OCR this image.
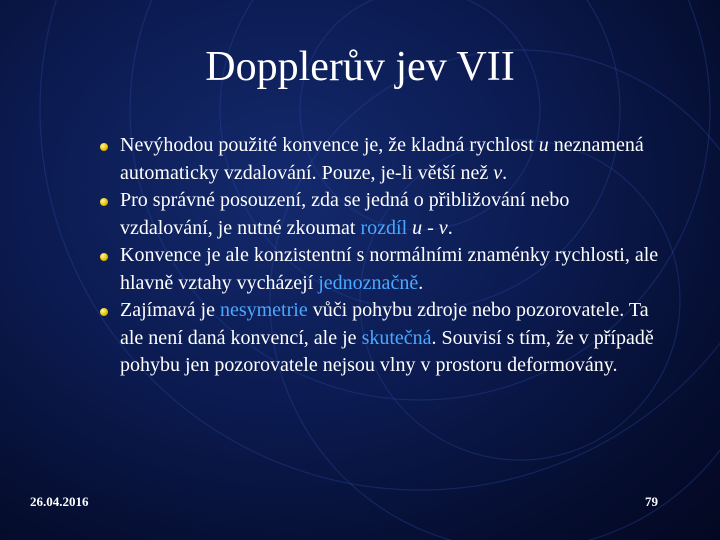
Dopplerův jev VII
Nevýhodou použité konvence je, že kladná rychlost u neznamená automaticky vzdalování. Pouze, je-li větší než v.
Pro správné posouzení, zda se jedná o přibližování nebo vzdalování, je nutné zkoumat rozdíl u - v.
Konvence je ale konzistentní s normálními znaménky rychlosti, ale hlavně vztahy vycházejí jednoznačně.
Zajímavá je nesymetrie vůči pohybu zdroje nebo pozorovatele. Ta ale není daná konvencí, ale je skutečná. Souvisí s tím, že v případě pohybu jen pozorovatele nejsou vlny v prostoru deformovány.
26.04.2016	79
